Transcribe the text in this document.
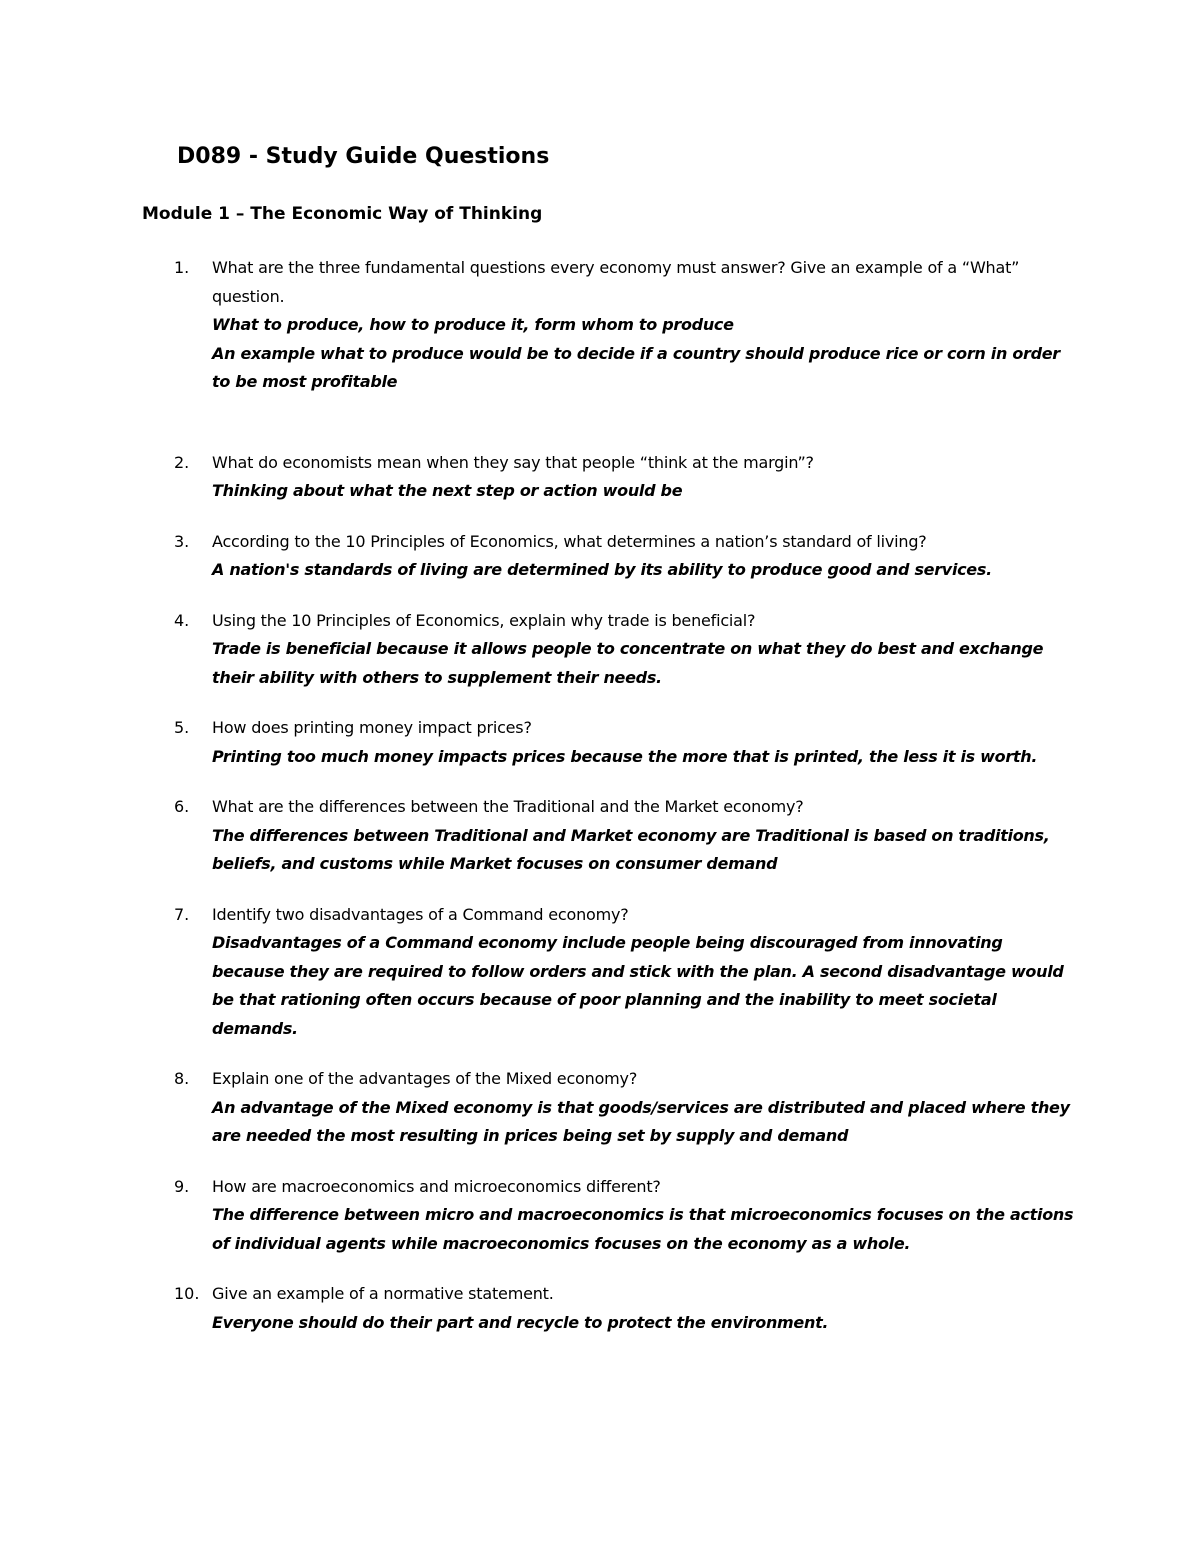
D089 - Study Guide Questions
Module 1 – The Economic Way of Thinking
1.	What are the three fundamental questions every economy must answer? Give an example of a “What” question.
What to produce, how to produce it, form whom to produce
An example what to produce would be to decide if a country should produce rice or corn in order to be most profitable
2.	What do economists mean when they say that people “think at the margin”?
Thinking about what the next step or action would be
3.	According to the 10 Principles of Economics, what determines a nation’s standard of living?
A nation's standards of living are determined by its ability to produce good and services.
4.	Using the 10 Principles of Economics, explain why trade is beneficial?
Trade is beneficial because it allows people to concentrate on what they do best and exchange their ability with others to supplement their needs.
5.	How does printing money impact prices?
Printing too much money impacts prices because the more that is printed, the less it is worth.
6.	What are the differences between the Traditional and the Market economy?
The differences between Traditional and Market economy are Traditional is based on traditions, beliefs, and customs while Market focuses on consumer demand
7.	Identify two disadvantages of a Command economy?
Disadvantages of a Command economy include people being discouraged from innovating because they are required to follow orders and stick with the plan. A second disadvantage would be that rationing often occurs because of poor planning and the inability to meet societal demands.
8.	Explain one of the advantages of the Mixed economy?
An advantage of the Mixed economy is that goods/services are distributed and placed where they are needed the most resulting in prices being set by supply and demand
9.	How are macroeconomics and microeconomics different?
The difference between micro and macroeconomics is that microeconomics focuses on the actions of individual agents while macroeconomics focuses on the economy as a whole.
10. Give an example of a normative statement.
Everyone should do their part and recycle to protect the environment.
